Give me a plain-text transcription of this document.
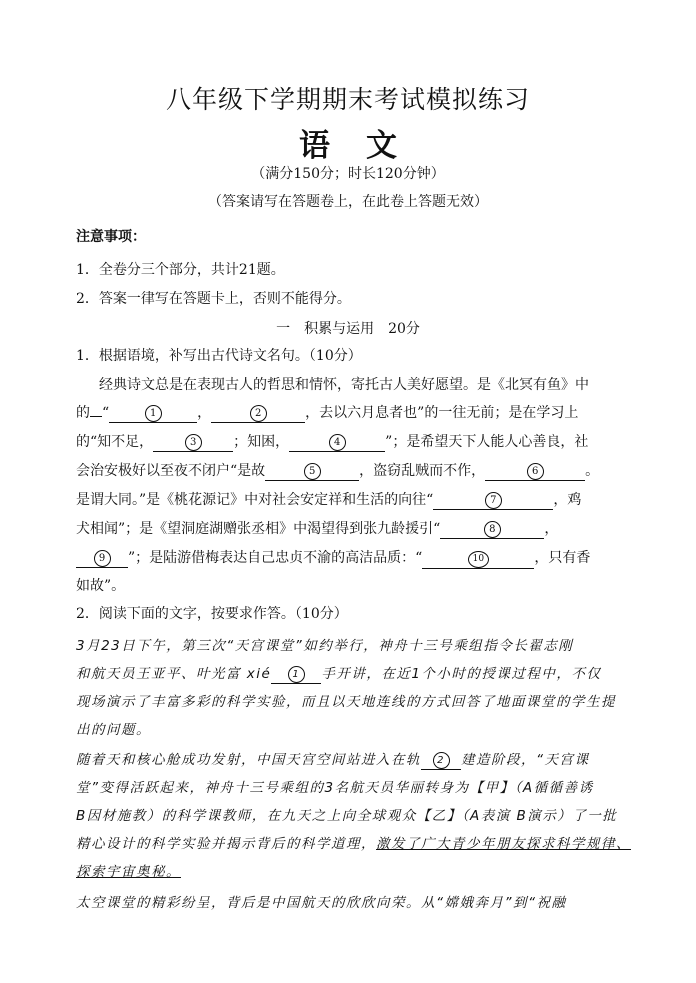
八年级下学期期末考试模拟练习
语文
（满分150分；时长120分钟）
（答案请写在答题卷上，在此卷上答题无效）
注意事项：
1．全卷分三个部分，共计21题。
2．答案一律写在答题卡上，否则不能得分。
一　积累与运用　20分
1．根据语境，补写出古代诗文名句。（10分）
经典诗文总是在表现古人的哲思和情怀，寄托古人美好愿望。是《北冥有鱼》中
的 “	1	，	2	，去以六月息者也”的一往无前；是在学习上
的“知不足，	3	；知困，	4	”；是希望天下人能人心善良，社
会治安极好以至夜不闭户“是故	5	，盗窃乱贼而不作，	6	。
是谓大同。”是《桃花源记》中对社会安定祥和生活的向往“	7	，鸡
犬相闻”；是《望洞庭湖赠张丞相》中渴望得到张九龄援引“	8	，
9 ”；是陆游借梅表达自己忠贞不渝的高洁品质：“	10	，只有香
如故”。
2．阅读下面的文字，按要求作答。（10分）
3月23日下午，第三次“天宫课堂”如约举行，神舟十三号乘组指令长翟志刚
和航天员王亚平、叶光富 xié 1 手开讲，在近1个小时的授课过程中，不仅
现场演示了丰富多彩的科学实验，而且以天地连线的方式回答了地面课堂的学生提
出的问题。
随着天和核心舱成功发射，中国天宫空间站进入在轨 2 建造阶段，“天宫课
堂”变得活跃起来，神舟十三号乘组的3名航天员华丽转身为【甲】（A循循善诱
B因材施教）的科学课教师，在九天之上向全球观众【乙】（A表演 B演示）了一批
精心设计的科学实验并揭示背后的科学道理，激发了广大青少年朋友探求科学规律、
探索宇宙奥秘。
太空课堂的精彩纷呈，背后是中国航天的欣欣向荣。从“嫦娥奔月”到“祝融
